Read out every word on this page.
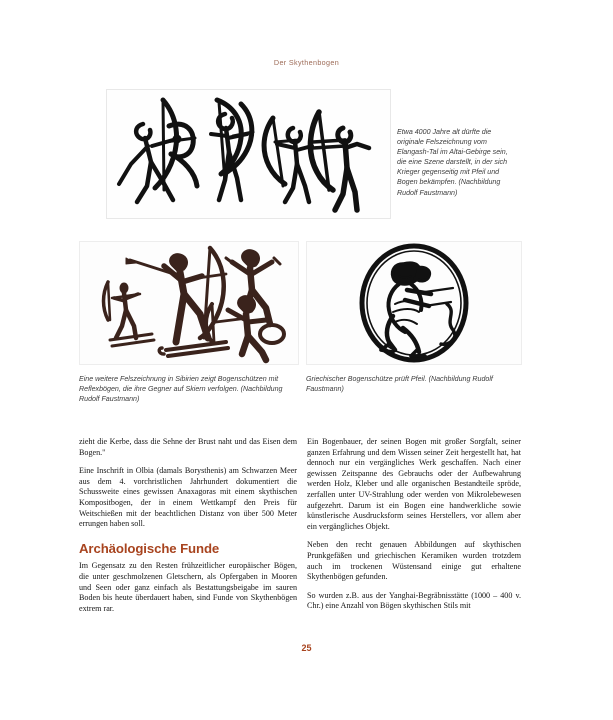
Der Skythenbogen
Etwa 4000 Jahre alt dürfte die originale Felszeichnung vom Elangash-Tal im Altai-Gebirge sein, die eine Szene darstellt, in der sich Krieger gegenseitig mit Pfeil und Bogen bekämpfen. (Nachbildung Rudolf Faustmann)
Eine weitere Felszeichnung in Sibirien zeigt Bogenschützen mit Reflexbögen, die ihre Gegner auf Skiern verfolgen. (Nachbildung Rudolf Faustmann)
Griechischer Bogenschütze prüft Pfeil. (Nachbildung Rudolf Faustmann)

zieht die Kerbe, dass die Sehne der Brust naht und das Eisen dem Bogen."

Eine Inschrift in Olbia (damals Borysthenis) am Schwarzen Meer aus dem 4. vorchristlichen Jahrhundert dokumentiert die Schussweite eines gewissen Anaxagoras mit einem skythischen Kompositbogen, der in einem Wettkampf den Preis für Weitschießen mit der beachtlichen Distanz von über 500 Meter errungen haben soll.

Archäologische Funde

Im Gegensatz zu den Resten frühzeitlicher europäischer Bögen, die unter geschmolzenen Gletschern, als Opfergaben in Mooren und Seen oder ganz einfach als Bestattungsbeigabe im sauren Boden bis heute überdauert haben, sind Funde von Skythenbögen extrem rar.

Ein Bogenbauer, der seinen Bogen mit großer Sorgfalt, seiner ganzen Erfahrung und dem Wissen seiner Zeit hergestellt hat, hat dennoch nur ein vergängliches Werk geschaffen. Nach einer gewissen Zeitspanne des Gebrauchs oder der Aufbewahrung werden Holz, Kleber und alle organischen Bestandteile spröde, zerfallen unter UV-Strahlung oder werden von Mikrolebewesen aufgezehrt. Darum ist ein Bogen eine handwerkliche sowie künstlerische Ausdrucksform seines Herstellers, vor allem aber ein vergängliches Objekt.

Neben den recht genauen Abbildungen auf skythischen Prunkgefäßen und griechischen Keramiken wurden trotzdem auch im trockenen Wüstensand einige gut erhaltene Skythenbögen gefunden.

So wurden z.B. aus der Yanghai-Begräbnisstätte (1000 – 400 v. Chr.) eine Anzahl von Bögen skythischen Stils mit

25
